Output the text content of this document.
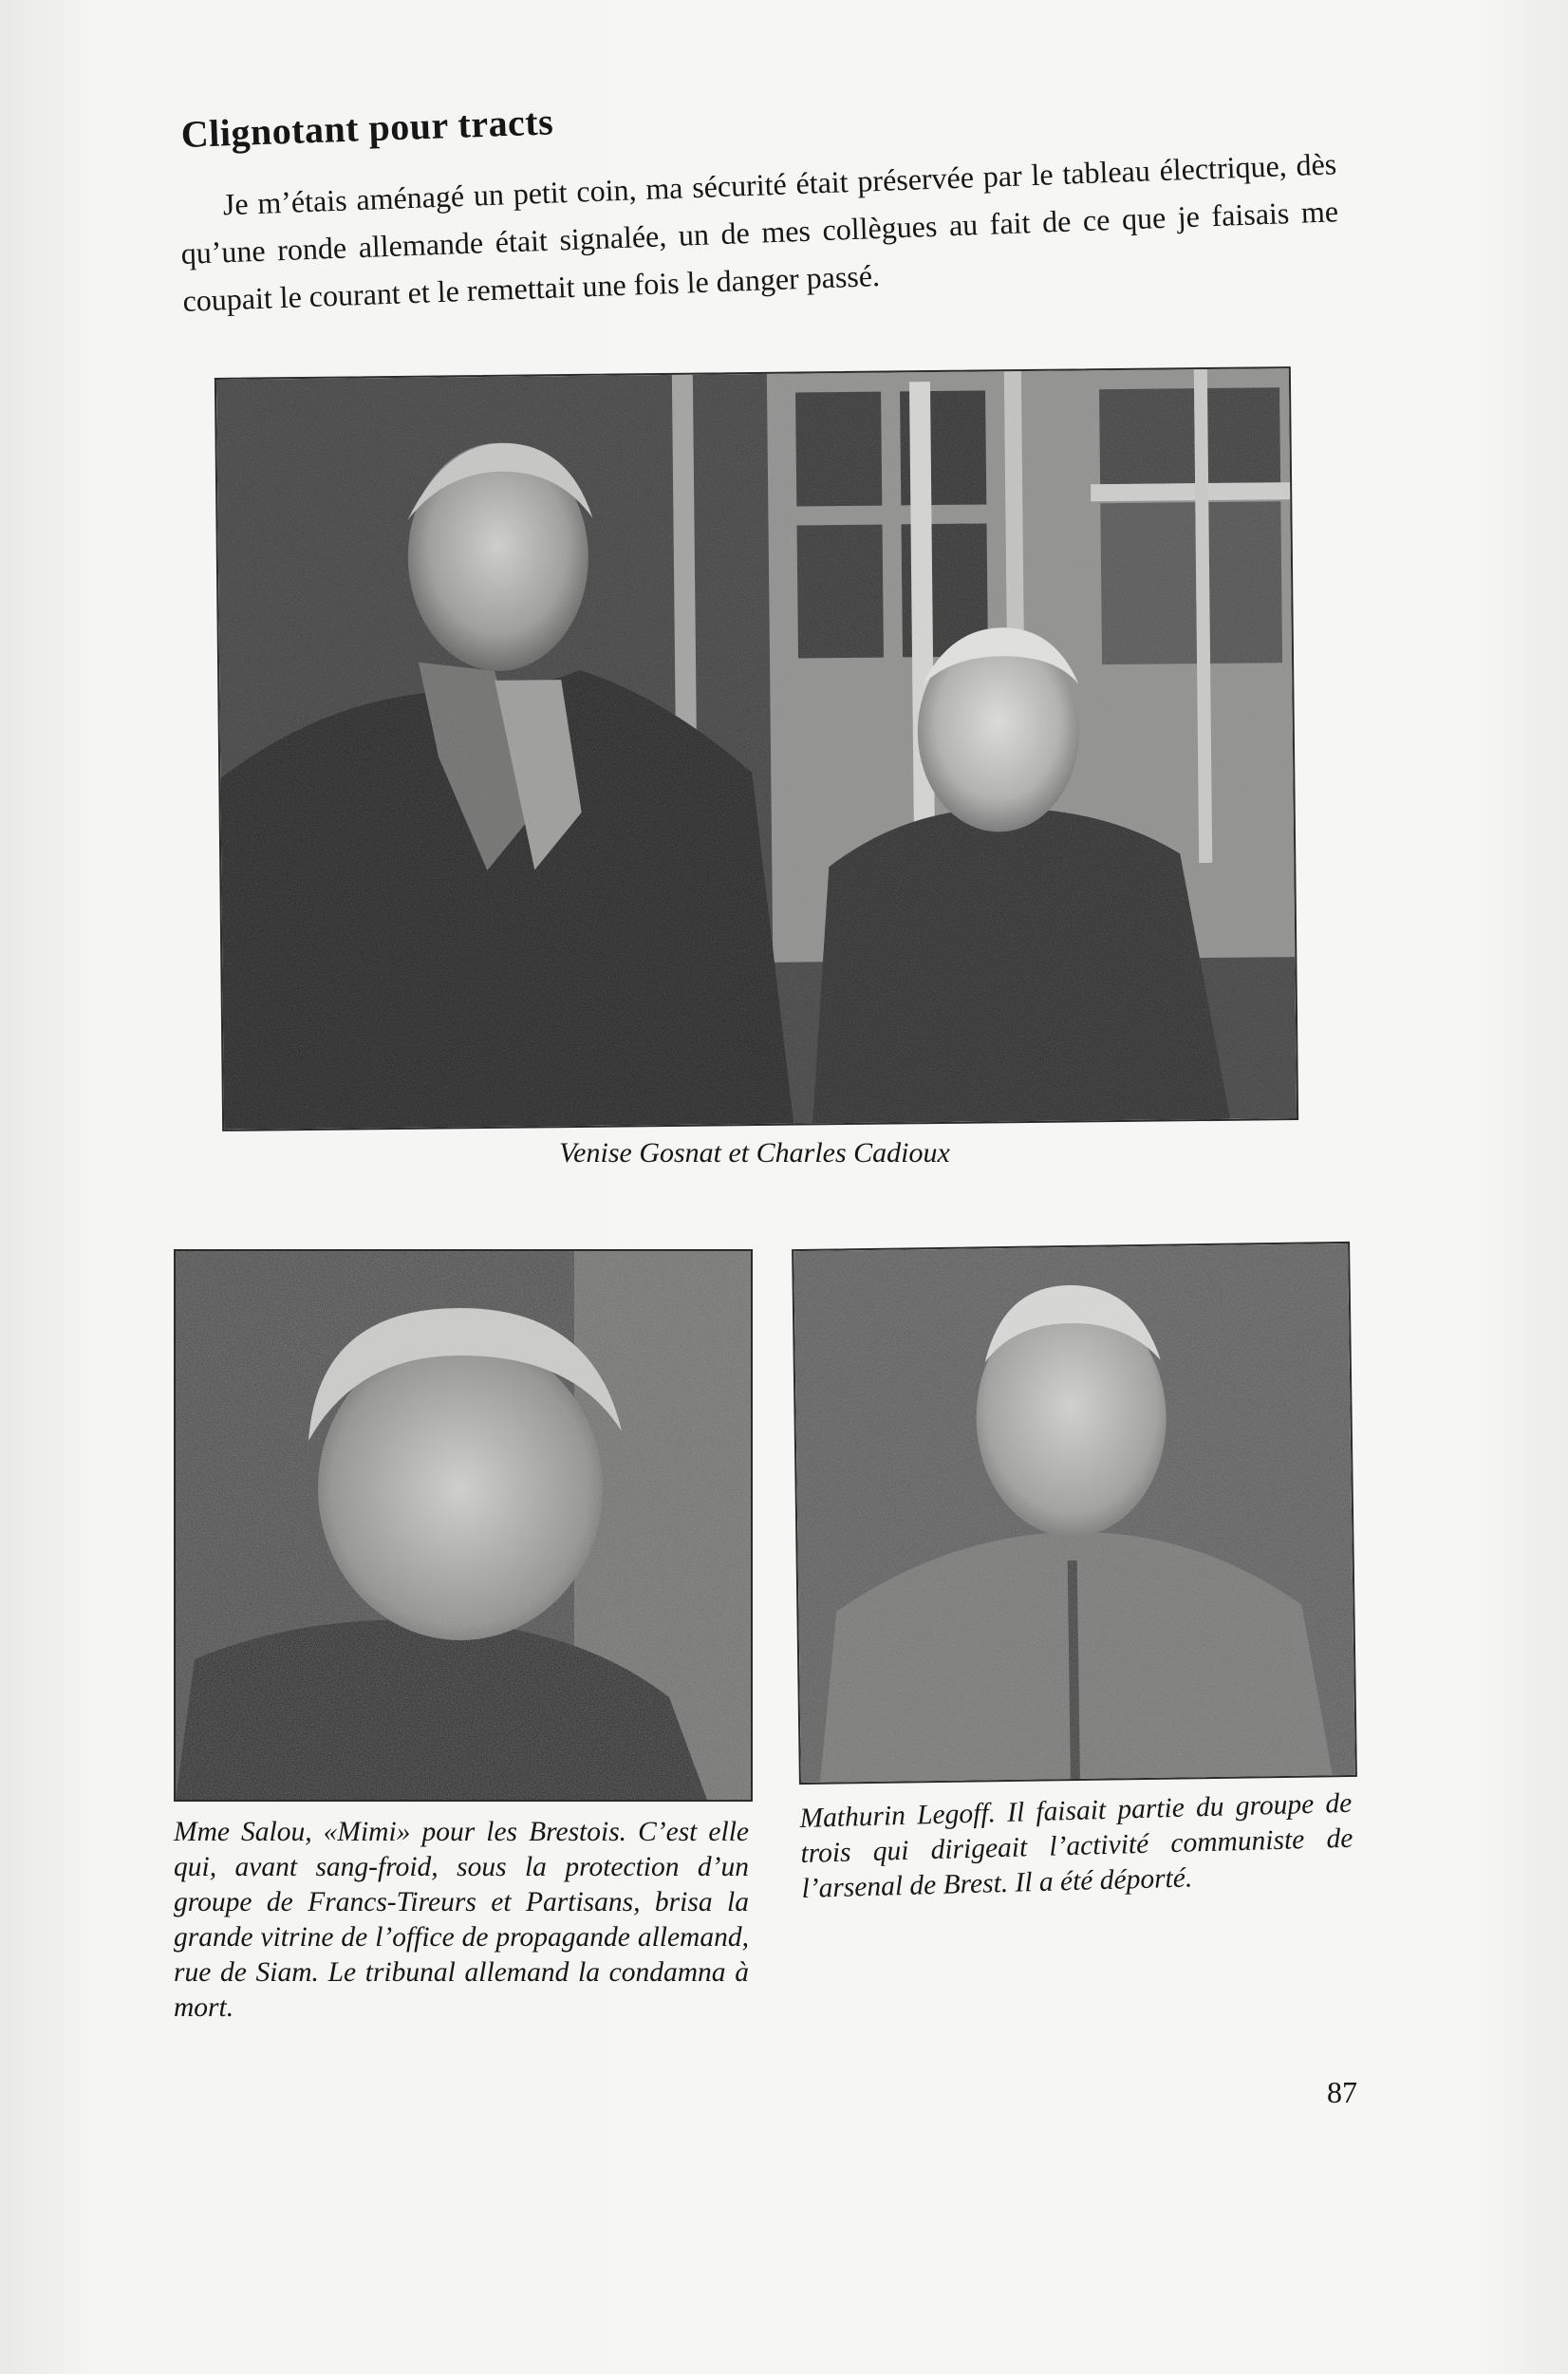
Clignotant pour tracts

Je m’étais aménagé un petit coin, ma sécurité était préservée par le tableau électrique, dès qu’une ronde allemande était signalée, un de mes collègues au fait de ce que je faisais me coupait le courant et le remettait une fois le danger passé.

Venise Gosnat et Charles Cadioux

Mme Salou, «Mimi» pour les Brestois. C’est elle qui, avant sang-froid, sous la protection d’un groupe de Francs-Tireurs et Partisans, brisa la grande vitrine de l’office de propagande allemand, rue de Siam. Le tribunal allemand la condamna à mort.

Mathurin Legoff. Il faisait partie du groupe de trois qui dirigeait l’activité communiste de l’arsenal de Brest. Il a été déporté.

87
